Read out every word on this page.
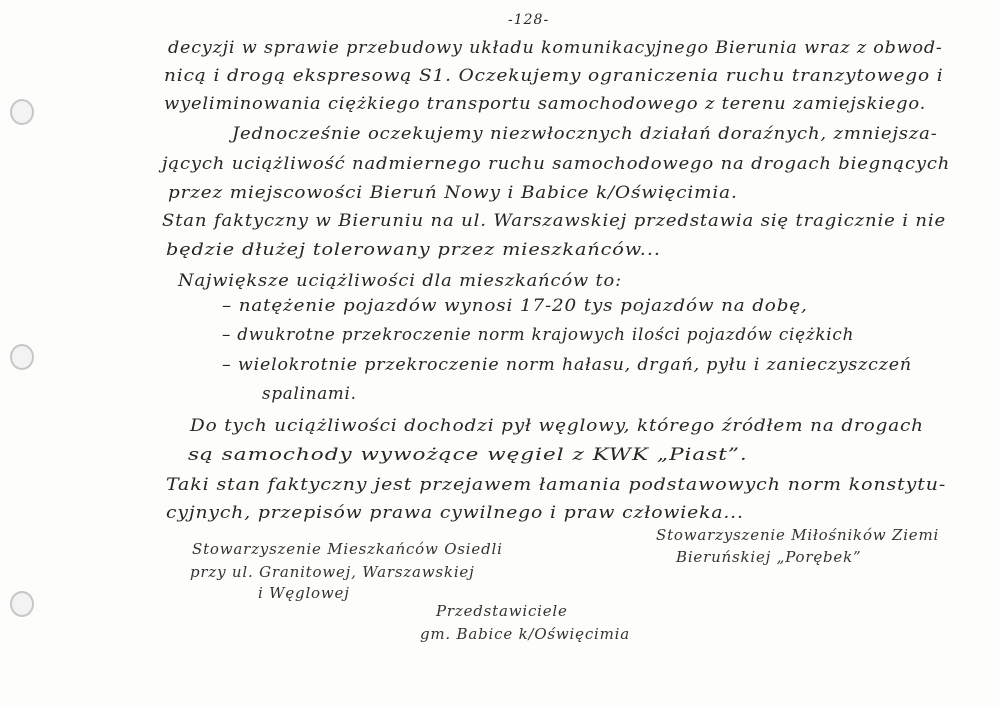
-128-
decyzji w sprawie przebudowy układu komunikacyjnego Bierunia wraz z obwod-
nicą i drogą ekspresową S1. Oczekujemy ograniczenia ruchu tranzytowego i
wyeliminowania ciężkiego transportu samochodowego z terenu zamiejskiego.
Jednocześnie oczekujemy niezwłocznych działań doraźnych, zmniejsza-
jących uciążliwość nadmiernego ruchu samochodowego na drogach biegnących
przez miejscowości Bieruń Nowy i Babice k/Oświęcimia.
Stan faktyczny w Bieruniu na ul. Warszawskiej przedstawia się tragicznie i nie
będzie dłużej tolerowany przez mieszkańców...
Największe uciążliwości dla mieszkańców to:
– natężenie pojazdów wynosi 17-20 tys pojazdów na dobę,
– dwukrotne przekroczenie norm krajowych ilości pojazdów ciężkich
– wielokrotnie przekroczenie norm hałasu, drgań, pyłu i zanieczyszczeń
spalinami.
Do tych uciążliwości dochodzi pył węglowy, którego źródłem na drogach
są samochody wywożące węgiel z KWK „Piast”.
Taki stan faktyczny jest przejawem łamania podstawowych norm konstytu-
cyjnych, przepisów prawa cywilnego i praw człowieka...
Stowarzyszenie Mieszkańców Osiedli
przy ul. Granitowej, Warszawskiej
i Węglowej
Stowarzyszenie Miłośników Ziemi
Bieruńskiej „Porębek”
Przedstawiciele
gm. Babice k/Oświęcimia
